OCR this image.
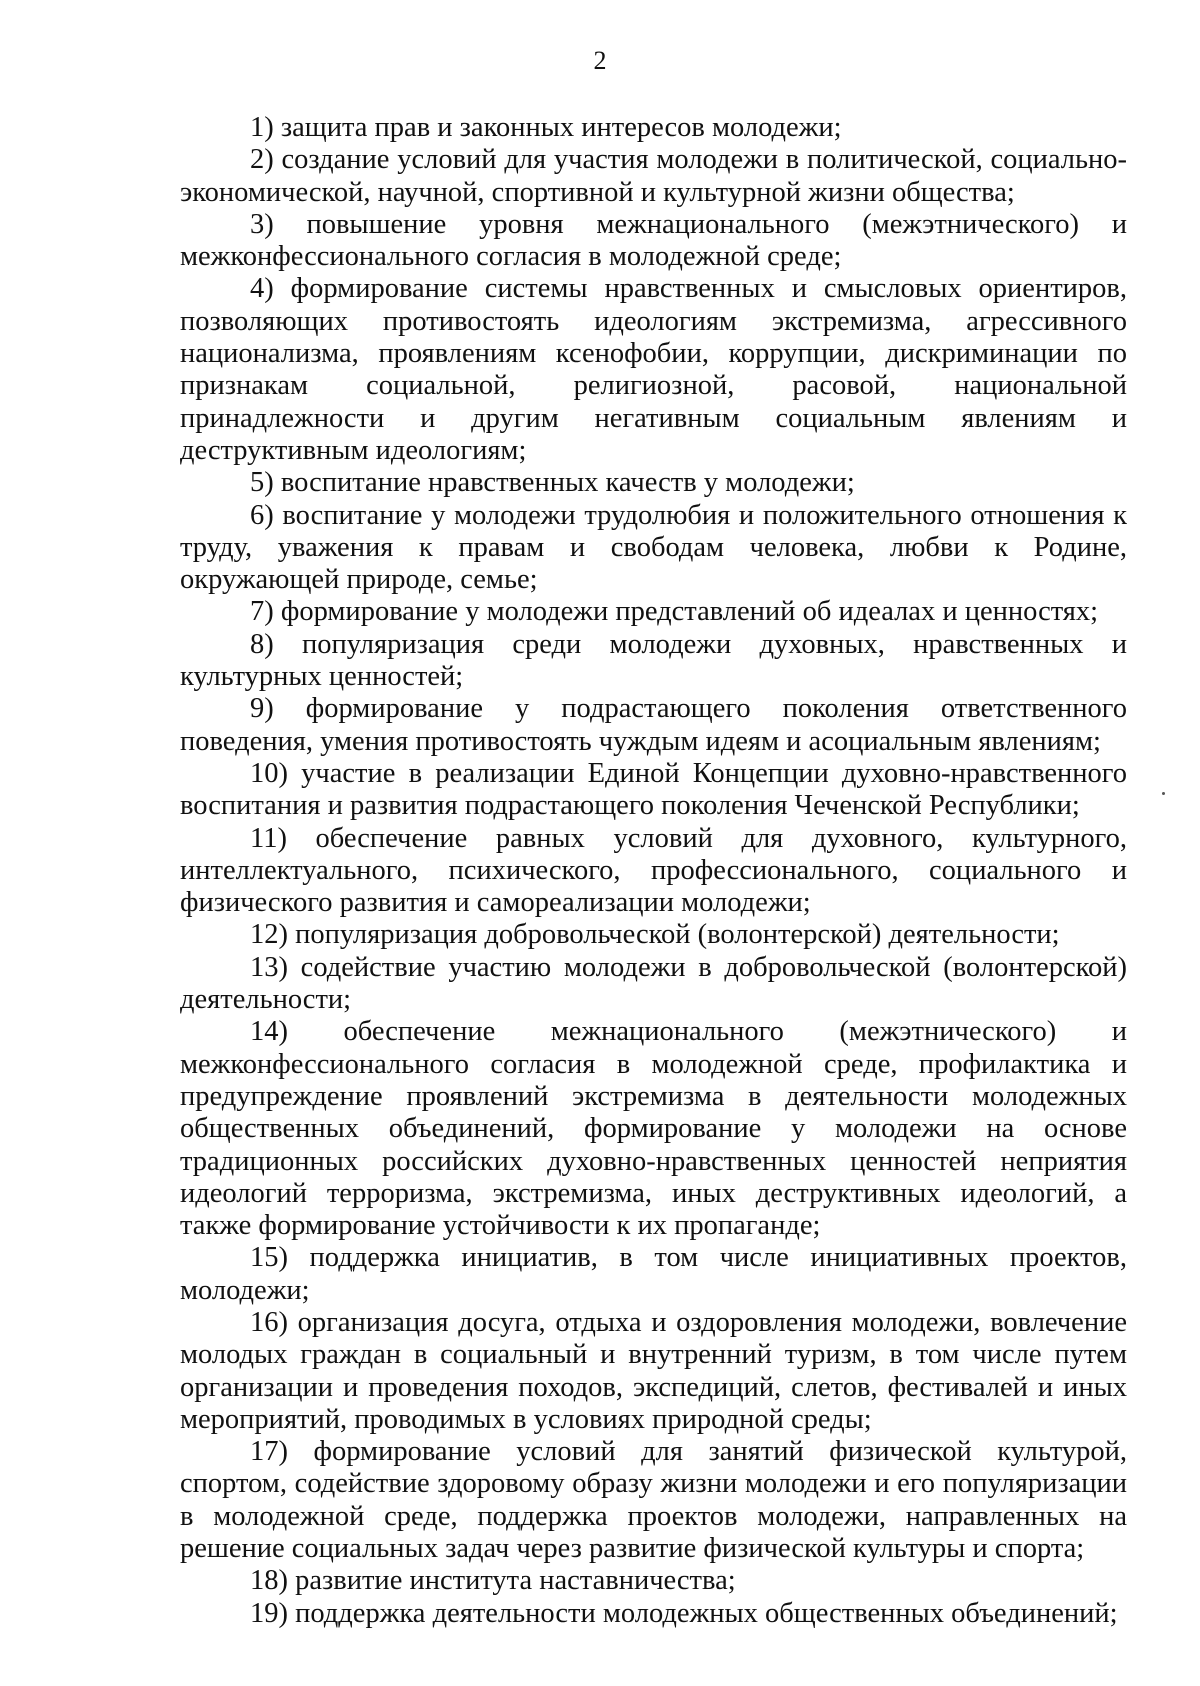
2

1) защита прав и законных интересов молодежи;

2) создание условий для участия молодежи в политической, социально-экономической, научной, спортивной и культурной жизни общества;

3) повышение уровня межнационального (межэтнического) и межконфессионального согласия в молодежной среде;

4) формирование системы нравственных и смысловых ориентиров, позволяющих противостоять идеологиям экстремизма, агрессивного национализма, проявлениям ксенофобии, коррупции, дискриминации по признакам социальной, религиозной, расовой, национальной принадлежности и другим негативным социальным явлениям и деструктивным идеологиям;

5) воспитание нравственных качеств у молодежи;

6) воспитание у молодежи трудолюбия и положительного отношения к труду, уважения к правам и свободам человека, любви к Родине, окружающей природе, семье;

7) формирование у молодежи представлений об идеалах и ценностях;

8) популяризация среди молодежи духовных, нравственных и культурных ценностей;

9) формирование у подрастающего поколения ответственного поведения, умения противостоять чуждым идеям и асоциальным явлениям;

10) участие в реализации Единой Концепции духовно-нравственного воспитания и развития подрастающего поколения Чеченской Республики;

11) обеспечение равных условий для духовного, культурного, интеллектуального, психического, профессионального, социального и физического развития и самореализации молодежи;

12) популяризация добровольческой (волонтерской) деятельности;

13) содействие участию молодежи в добровольческой (волонтерской) деятельности;

14) обеспечение межнационального (межэтнического) и межконфессионального согласия в молодежной среде, профилактика и предупреждение проявлений экстремизма в деятельности молодежных общественных объединений, формирование у молодежи на основе традиционных российских духовно-нравственных ценностей неприятия идеологий терроризма, экстремизма, иных деструктивных идеологий, а также формирование устойчивости к их пропаганде;

15) поддержка инициатив, в том числе инициативных проектов, молодежи;

16) организация досуга, отдыха и оздоровления молодежи, вовлечение молодых граждан в социальный и внутренний туризм, в том числе путем организации и проведения походов, экспедиций, слетов, фестивалей и иных мероприятий, проводимых в условиях природной среды;

17) формирование условий для занятий физической культурой, спортом, содействие здоровому образу жизни молодежи и его популяризации в молодежной среде, поддержка проектов молодежи, направленных на решение социальных задач через развитие физической культуры и спорта;

18) развитие института наставничества;

19) поддержка деятельности молодежных общественных объединений;
